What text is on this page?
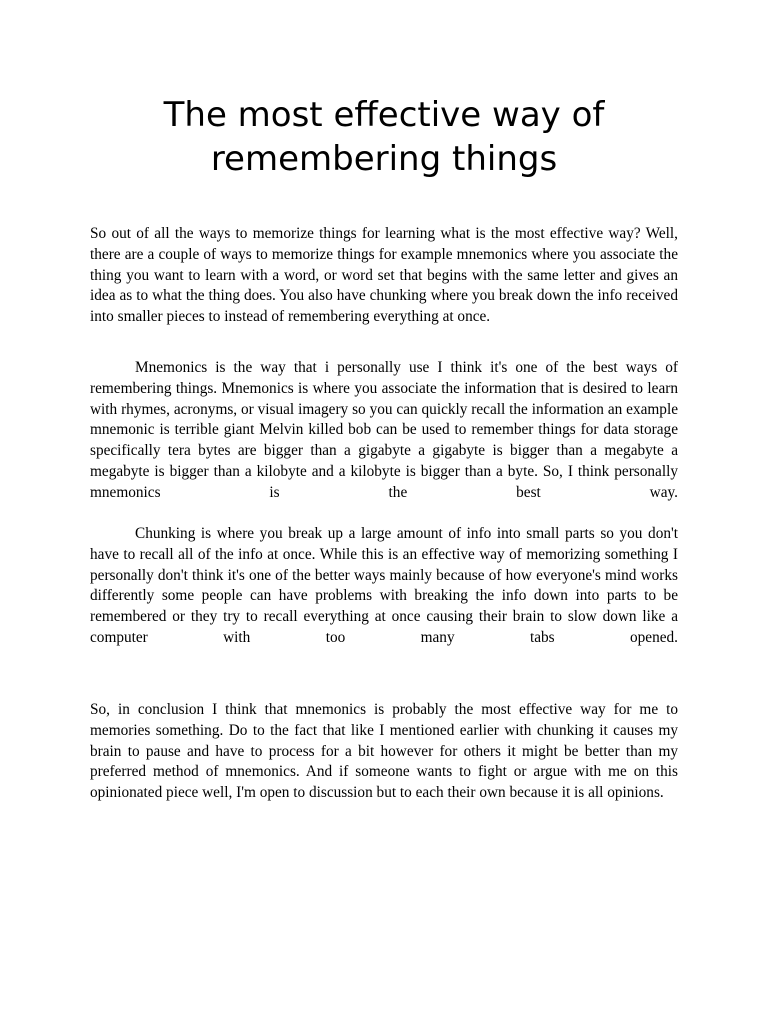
The most effective way of remembering things

So out of all the ways to memorize things for learning what is the most effective way? Well, there are a couple of ways to memorize things for example mnemonics where you associate the thing you want to learn with a word, or word set that begins with the same letter and gives an idea as to what the thing does. You also have chunking where you break down the info received into smaller pieces to instead of remembering everything at once.

Mnemonics is the way that i personally use I think it's one of the best ways of remembering things. Mnemonics is where you associate the information that is desired to learn with rhymes, acronyms, or visual imagery so you can quickly recall the information an example mnemonic is terrible giant Melvin killed bob can be used to remember things for data storage specifically tera bytes are bigger than a gigabyte a gigabyte is bigger than a megabyte a megabyte is bigger than a kilobyte and a kilobyte is bigger than a byte. So, I think personally mnemonics is the best way.

Chunking is where you break up a large amount of info into small parts so you don't have to recall all of the info at once. While this is an effective way of memorizing something I personally don't think it's one of the better ways mainly because of how everyone's mind works differently some people can have problems with breaking the info down into parts to be remembered or they try to recall everything at once causing their brain to slow down like a computer with too many tabs opened.

So, in conclusion I think that mnemonics is probably the most effective way for me to memories something. Do to the fact that like I mentioned earlier with chunking it causes my brain to pause and have to process for a bit however for others it might be better than my preferred method of mnemonics. And if someone wants to fight or argue with me on this opinionated piece well, I'm open to discussion but to each their own because it is all opinions.
